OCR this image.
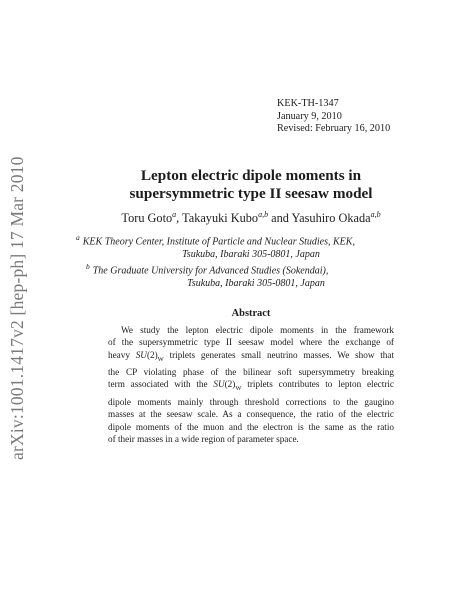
arXiv:1001.1417v2 [hep-ph] 17 Mar 2010
KEK-TH-1347
January 9, 2010
Revised: February 16, 2010
Lepton electric dipole moments in
supersymmetric type II seesaw model
Toru Goto$^a$, Takayuki Kubo$^{a,b}$ and Yasuhiro Okada$^{a,b}$
$^a$ KEK Theory Center, Institute of Particle and Nuclear Studies, KEK,
Tsukuba, Ibaraki 305-0801, Japan
$^b$ The Graduate University for Advanced Studies (Sokendai),
Tsukuba, Ibaraki 305-0801, Japan
Abstract
We study the lepton electric dipole moments in the framework
of the supersymmetric type II seesaw model where the exchange of
heavy $SU(2)_W$ triplets generates small neutrino masses. We show that
the CP violating phase of the bilinear soft supersymmetry breaking
term associated with the $SU(2)_W$ triplets contributes to lepton electric
dipole moments mainly through threshold corrections to the gaugino
masses at the seesaw scale. As a consequence, the ratio of the electric
dipole moments of the muon and the electron is the same as the ratio
of their masses in a wide region of parameter space.
